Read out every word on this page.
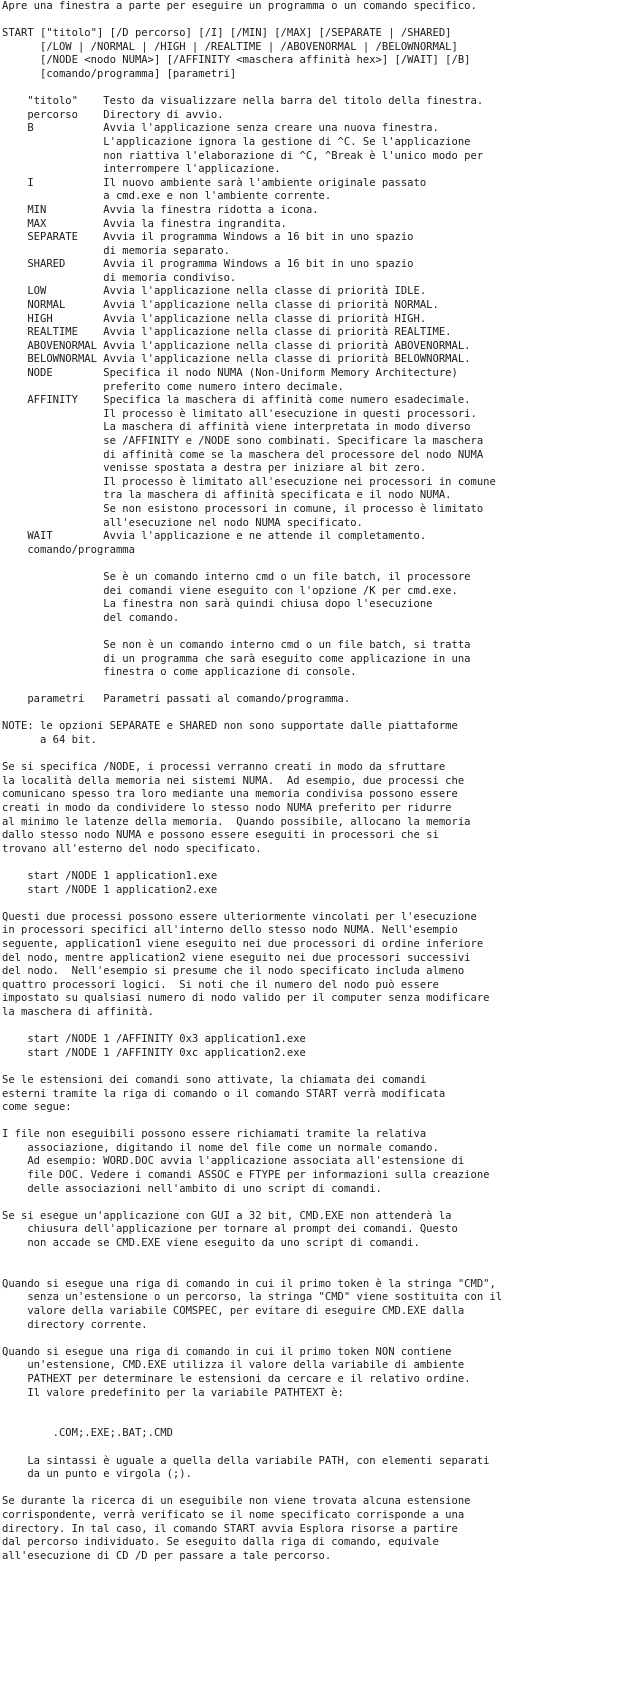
Apre una finestra a parte per eseguire un programma o un comando specifico.

START ["titolo"] [/D percorso] [/I] [/MIN] [/MAX] [/SEPARATE | /SHARED]
[/LOW | /NORMAL | /HIGH | /REALTIME | /ABOVENORMAL | /BELOWNORMAL]
[/NODE <nodo NUMA>] [/AFFINITY <maschera affinità hex>] [/WAIT] [/B]
[comando/programma] [parametri]

"titolo"    Testo da visualizzare nella barra del titolo della finestra.
percorso    Directory di avvio.
B           Avvia l'applicazione senza creare una nuova finestra.
L'applicazione ignora la gestione di ^C. Se l'applicazione
non riattiva l'elaborazione di ^C, ^Break è l'unico modo per
interrompere l'applicazione.
I           Il nuovo ambiente sarà l'ambiente originale passato
a cmd.exe e non l'ambiente corrente.
MIN         Avvia la finestra ridotta a icona.
MAX         Avvia la finestra ingrandita.
SEPARATE    Avvia il programma Windows a 16 bit in uno spazio
di memoria separato.
SHARED      Avvia il programma Windows a 16 bit in uno spazio
di memoria condiviso.
LOW         Avvia l'applicazione nella classe di priorità IDLE.
NORMAL      Avvia l'applicazione nella classe di priorità NORMAL.
HIGH        Avvia l'applicazione nella classe di priorità HIGH.
REALTIME    Avvia l'applicazione nella classe di priorità REALTIME.
ABOVENORMAL Avvia l'applicazione nella classe di priorità ABOVENORMAL.
BELOWNORMAL Avvia l'applicazione nella classe di priorità BELOWNORMAL.
NODE        Specifica il nodo NUMA (Non-Uniform Memory Architecture)
preferito come numero intero decimale.
AFFINITY    Specifica la maschera di affinità come numero esadecimale.
Il processo è limitato all'esecuzione in questi processori.
La maschera di affinità viene interpretata in modo diverso
se /AFFINITY e /NODE sono combinati. Specificare la maschera
di affinità come se la maschera del processore del nodo NUMA
venisse spostata a destra per iniziare al bit zero.
Il processo è limitato all'esecuzione nei processori in comune
tra la maschera di affinità specificata e il nodo NUMA.
Se non esistono processori in comune, il processo è limitato
all'esecuzione nel nodo NUMA specificato.
WAIT        Avvia l'applicazione e ne attende il completamento.
comando/programma

Se è un comando interno cmd o un file batch, il processore
dei comandi viene eseguito con l'opzione /K per cmd.exe.
La finestra non sarà quindi chiusa dopo l'esecuzione
del comando.

Se non è un comando interno cmd o un file batch, si tratta
di un programma che sarà eseguito come applicazione in una
finestra o come applicazione di console.

parametri   Parametri passati al comando/programma.

NOTE: le opzioni SEPARATE e SHARED non sono supportate dalle piattaforme
a 64 bit.

Se si specifica /NODE, i processi verranno creati in modo da sfruttare
la località della memoria nei sistemi NUMA.  Ad esempio, due processi che
comunicano spesso tra loro mediante una memoria condivisa possono essere
creati in modo da condividere lo stesso nodo NUMA preferito per ridurre
al minimo le latenze della memoria.  Quando possibile, allocano la memoria
dallo stesso nodo NUMA e possono essere eseguiti in processori che si
trovano all'esterno del nodo specificato.

start /NODE 1 application1.exe
start /NODE 1 application2.exe

Questi due processi possono essere ulteriormente vincolati per l'esecuzione
in processori specifici all'interno dello stesso nodo NUMA. Nell'esempio
seguente, application1 viene eseguito nei due processori di ordine inferiore
del nodo, mentre application2 viene eseguito nei due processori successivi
del nodo.  Nell'esempio si presume che il nodo specificato includa almeno
quattro processori logici.  Si noti che il numero del nodo può essere
impostato su qualsiasi numero di nodo valido per il computer senza modificare
la maschera di affinità.

start /NODE 1 /AFFINITY 0x3 application1.exe
start /NODE 1 /AFFINITY 0xc application2.exe

Se le estensioni dei comandi sono attivate, la chiamata dei comandi
esterni tramite la riga di comando o il comando START verrà modificata
come segue:

I file non eseguibili possono essere richiamati tramite la relativa
associazione, digitando il nome del file come un normale comando.
Ad esempio: WORD.DOC avvia l'applicazione associata all'estensione di
file DOC. Vedere i comandi ASSOC e FTYPE per informazioni sulla creazione
delle associazioni nell'ambito di uno script di comandi.

Se si esegue un'applicazione con GUI a 32 bit, CMD.EXE non attenderà la
chiusura dell'applicazione per tornare al prompt dei comandi. Questo
non accade se CMD.EXE viene eseguito da uno script di comandi.

Quando si esegue una riga di comando in cui il primo token è la stringa "CMD",
senza un'estensione o un percorso, la stringa "CMD" viene sostituita con il
valore della variabile COMSPEC, per evitare di eseguire CMD.EXE dalla
directory corrente.

Quando si esegue una riga di comando in cui il primo token NON contiene
un'estensione, CMD.EXE utilizza il valore della variabile di ambiente
PATHEXT per determinare le estensioni da cercare e il relativo ordine.
Il valore predefinito per la variabile PATHTEXT è:

.COM;.EXE;.BAT;.CMD

La sintassi è uguale a quella della variabile PATH, con elementi separati
da un punto e virgola (;).

Se durante la ricerca di un eseguibile non viene trovata alcuna estensione
corrispondente, verrà verificato se il nome specificato corrisponde a una
directory. In tal caso, il comando START avvia Esplora risorse a partire
dal percorso individuato. Se eseguito dalla riga di comando, equivale
all'esecuzione di CD /D per passare a tale percorso.
